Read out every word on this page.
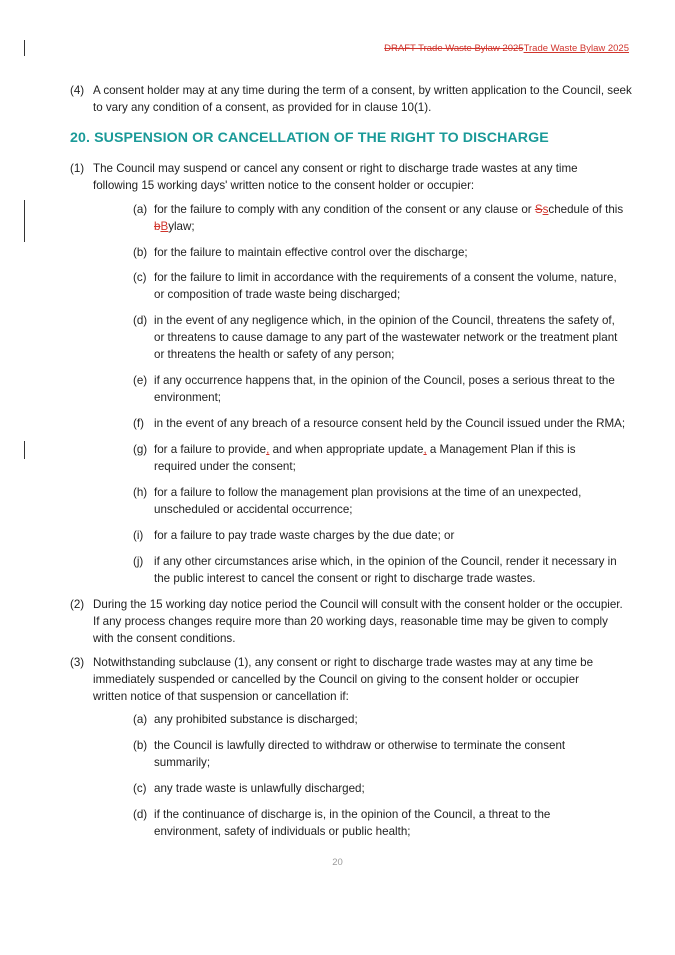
DRAFT Trade Waste Bylaw 2025Trade Waste Bylaw 2025
(4) A consent holder may at any time during the term of a consent, by written application to the Council, seek to vary any condition of a consent, as provided for in clause 10(1).
20. SUSPENSION OR CANCELLATION OF THE RIGHT TO DISCHARGE
(1) The Council may suspend or cancel any consent or right to discharge trade wastes at any time following 15 working days' written notice to the consent holder or occupier:
(a) for the failure to comply with any condition of the consent or any clause or Sschedule of this bBylaw;
(b) for the failure to maintain effective control over the discharge;
(c) for the failure to limit in accordance with the requirements of a consent the volume, nature, or composition of trade waste being discharged;
(d) in the event of any negligence which, in the opinion of the Council, threatens the safety of, or threatens to cause damage to any part of the wastewater network or the treatment plant or threatens the health or safety of any person;
(e) if any occurrence happens that, in the opinion of the Council, poses a serious threat to the environment;
(f) in the event of any breach of a resource consent held by the Council issued under the RMA;
(g) for a failure to provide, and when appropriate update, a Management Plan if this is required under the consent;
(h) for a failure to follow the management plan provisions at the time of an unexpected, unscheduled or accidental occurrence;
(i) for a failure to pay trade waste charges by the due date; or
(j) if any other circumstances arise which, in the opinion of the Council, render it necessary in the public interest to cancel the consent or right to discharge trade wastes.
(2) During the 15 working day notice period the Council will consult with the consent holder or the occupier. If any process changes require more than 20 working days, reasonable time may be given to comply with the consent conditions.
(3) Notwithstanding subclause (1), any consent or right to discharge trade wastes may at any time be immediately suspended or cancelled by the Council on giving to the consent holder or occupier written notice of that suspension or cancellation if:
(a) any prohibited substance is discharged;
(b) the Council is lawfully directed to withdraw or otherwise to terminate the consent summarily;
(c) any trade waste is unlawfully discharged;
(d) if the continuance of discharge is, in the opinion of the Council, a threat to the environment, safety of individuals or public health;
20
